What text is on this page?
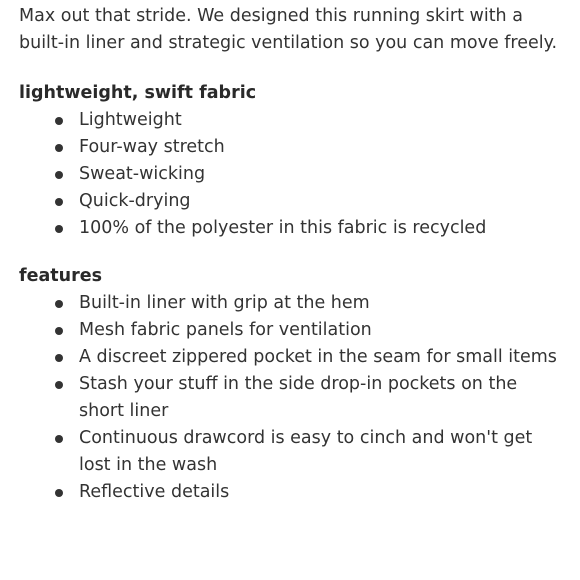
Max out that stride. We designed this running skirt with a built-in liner and strategic ventilation so you can move freely.

lightweight, swift fabric
Lightweight
Four-way stretch
Sweat-wicking
Quick-drying
100% of the polyester in this fabric is recycled
features
Built-in liner with grip at the hem
Mesh fabric panels for ventilation
A discreet zippered pocket in the seam for small items
Stash your stuff in the side drop-in pockets on the short liner
Continuous drawcord is easy to cinch and won't get lost in the wash
Reflective details
